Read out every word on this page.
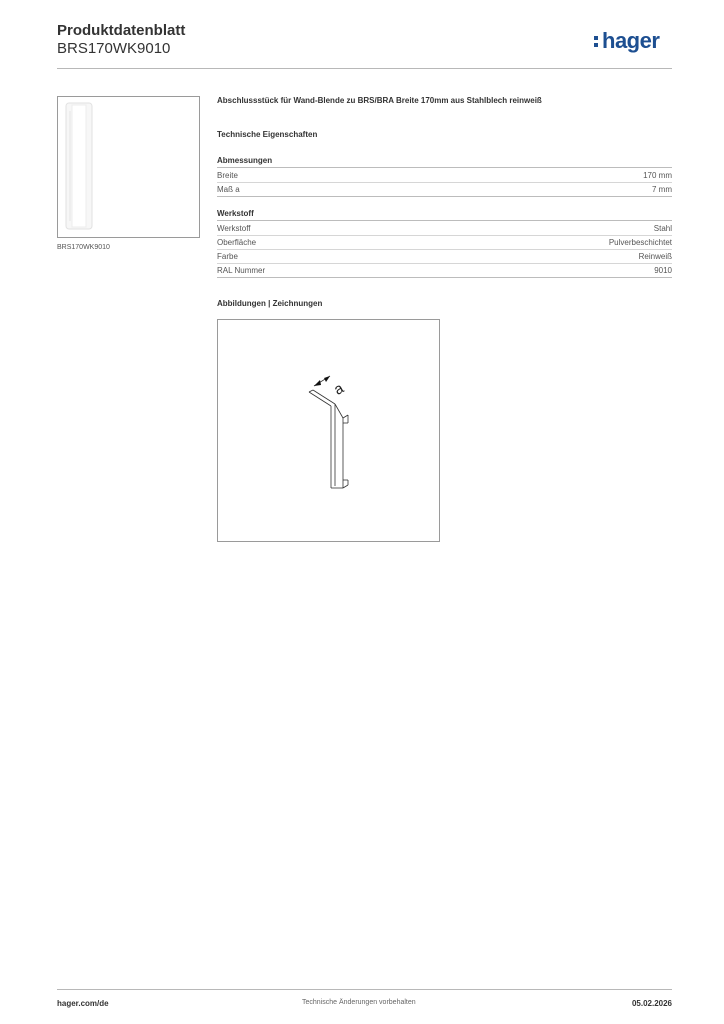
Produktdatenblatt
BRS170WK9010	hager
BRS170WK9010
Abschlussstück für Wand-Blende zu BRS/BRA Breite 170mm aus Stahlblech reinweiß
Technische Eigenschaften
Abmessungen
Breite	170 mm
Maß a	7 mm
Werkstoff
Werkstoff	Stahl
Oberfläche	Pulverbeschichtet
Farbe	Reinweiß
RAL Nummer	9010
Abbildungen | Zeichnungen
a
hager.com/de	Technische Änderungen vorbehalten	05.02.2026
